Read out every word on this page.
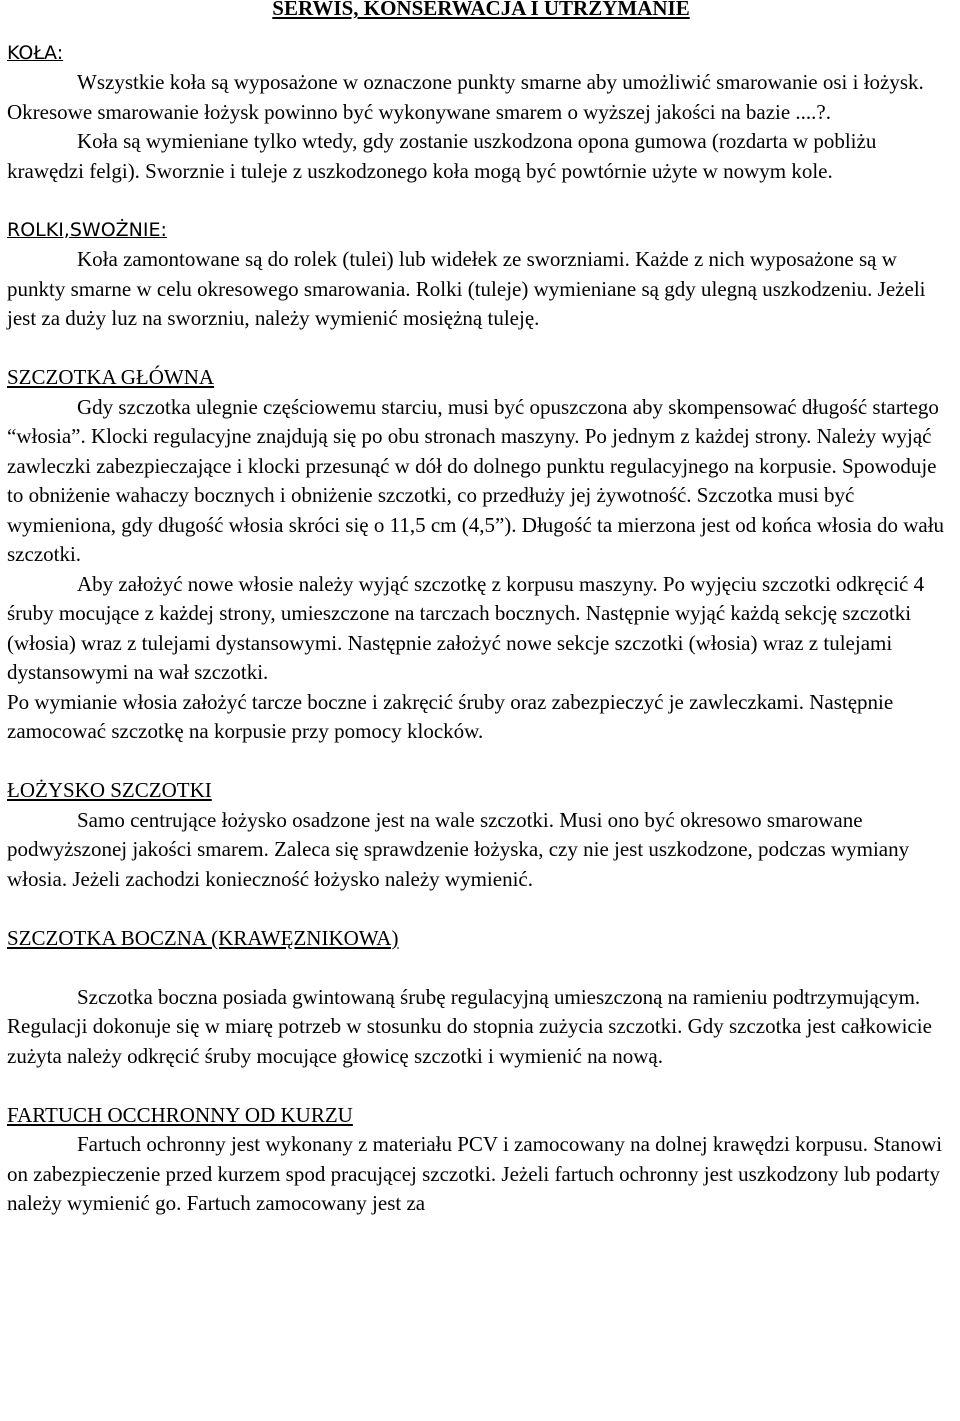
SERWIS, KONSERWACJA I UTRZYMANIE
KOŁA:

Wszystkie koła są wyposażone w oznaczone punkty smarne aby umożliwić smarowanie osi i łożysk. Okresowe smarowanie łożysk powinno być wykonywane smarem o wyższej jakości na bazie ....?.

Koła są wymieniane tylko wtedy, gdy zostanie uszkodzona opona gumowa (rozdarta w pobliżu krawędzi felgi). Sworznie i tuleje z uszkodzonego koła mogą być powtórnie użyte w nowym kole.

ROLKI,SWOŻNIE:

Koła zamontowane są do rolek (tulei) lub widełek ze sworzniami. Każde z nich wyposażone są w punkty smarne w celu okresowego smarowania. Rolki (tuleje) wymieniane są gdy ulegną uszkodzeniu. Jeżeli jest za duży luz na sworzniu, należy wymienić mosiężną tuleję.

SZCZOTKA GŁÓWNA

Gdy szczotka ulegnie częściowemu starciu, musi być opuszczona aby skompensować długość startego “włosia”. Klocki regulacyjne znajdują się po obu stronach maszyny. Po jednym z każdej strony. Należy wyjąć zawleczki zabezpieczające i klocki przesunąć w dół do dolnego punktu regulacyjnego na korpusie. Spowoduje to obniżenie wahaczy bocznych i obniżenie szczotki, co przedłuży jej żywotność. Szczotka musi być wymieniona, gdy długość włosia skróci się o 11,5 cm (4,5”). Długość ta mierzona jest od końca włosia do wału szczotki.

Aby założyć nowe włosie należy wyjąć szczotkę z korpusu maszyny. Po wyjęciu szczotki odkręcić 4 śruby mocujące z każdej strony, umieszczone na tarczach bocznych. Następnie wyjąć każdą sekcję szczotki (włosia) wraz z tulejami dystansowymi. Następnie założyć nowe sekcje szczotki (włosia) wraz z tulejami dystansowymi na wał szczotki.

Po wymianie włosia założyć tarcze boczne i zakręcić śruby oraz zabezpieczyć je zawleczkami. Następnie zamocować szczotkę na korpusie przy pomocy klocków.

ŁOŻYSKO SZCZOTKI

Samo centrujące łożysko osadzone jest na wale szczotki. Musi ono być okresowo smarowane podwyższonej jakości smarem. Zaleca się sprawdzenie łożyska, czy nie jest uszkodzone, podczas wymiany włosia. Jeżeli zachodzi konieczność łożysko należy wymienić.

SZCZOTKA BOCZNA (KRAWĘZNIKOWA)

Szczotka boczna posiada gwintowaną śrubę regulacyjną umieszczoną na ramieniu podtrzymującym. Regulacji dokonuje się w miarę potrzeb w stosunku do stopnia zużycia szczotki. Gdy szczotka jest całkowicie zużyta należy odkręcić śruby mocujące głowicę szczotki i wymienić na nową.

FARTUCH OCCHRONNY OD KURZU

Fartuch ochronny jest wykonany z materiału PCV i zamocowany na dolnej krawędzi korpusu. Stanowi on zabezpieczenie przed kurzem spod pracującej szczotki. Jeżeli fartuch ochronny jest uszkodzony lub podarty należy wymienić go. Fartuch zamocowany jest za
